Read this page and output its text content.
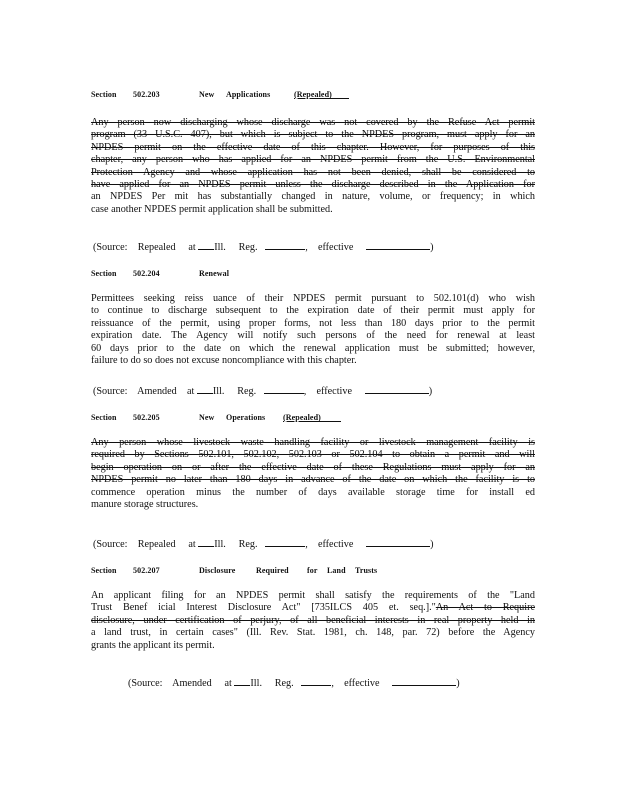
Section 502.203	New Applications	(Repealed)
Any person now discharging whose discharge was not covered by the Refuse Act permit
program (33 U.S.C. 407), but which is subject to the NPDES program, must apply for an
NPDES permit on the effective date of this chapter. However, for purposes of this
chapter, any person who has applied for an NPDES permit from the U.S. Environmental
Protection Agency and whose application has not been denied, shall be considered to
have applied for an NPDES permit unless the discharge described in the Application for
an NPDES Per mit has substantially changed in nature, volume, or frequency; in which
case another NPDES permit application shall be submitted.
(Source: Repealed at Ill. Reg.	,    effective	)
Section 502.204	Renewal
Permittees seeking reiss uance of their NPDES permit pursuant to 502.101(d) who wish
to continue to discharge subsequent to the expiration date of their permit must apply for
reissuance of the permit, using proper forms, not less than 180 days prior to the permit
expiration date. The Agency will notify such persons of the need for renewal at least
60 days prior to the date on which the renewal application must be submitted; however,
failure to do so does not excuse noncompliance with this chapter.
(Source: Amended at Ill. Reg.	,    effective	)
Section 502.205	New Operations (Repealed)
Any person whose livestock waste handling facility or livestock management facility is
required by Sections 502.101, 502.102, 502.103 or 502.104 to obtain a permit and will
begin operation on or after the effective date of these Regulations must apply for an
NPDES permit no later than 180 days in advance of the date on which the facility is to
commence operation minus the number of days available storage time for install ed
manure storage structures.
(Source: Repealed at Ill. Reg.	,    effective	)
Section 502.207	Disclosure	Required for Land Trusts
An applicant filing for an NPDES permit shall satisfy the requirements of the "Land
Trust Benef icial Interest Disclosure Act" [735ILCS 405 et. seq.]."An Act to Require
disclosure, under certification of perjury, of all beneficial interests in real property held in
a land trust, in certain cases" (Ill. Rev. Stat. 1981, ch. 148, par. 72) before the Agency
grants the applicant its permit.
(Source: Amended at Ill. Reg.	,    effective	)
